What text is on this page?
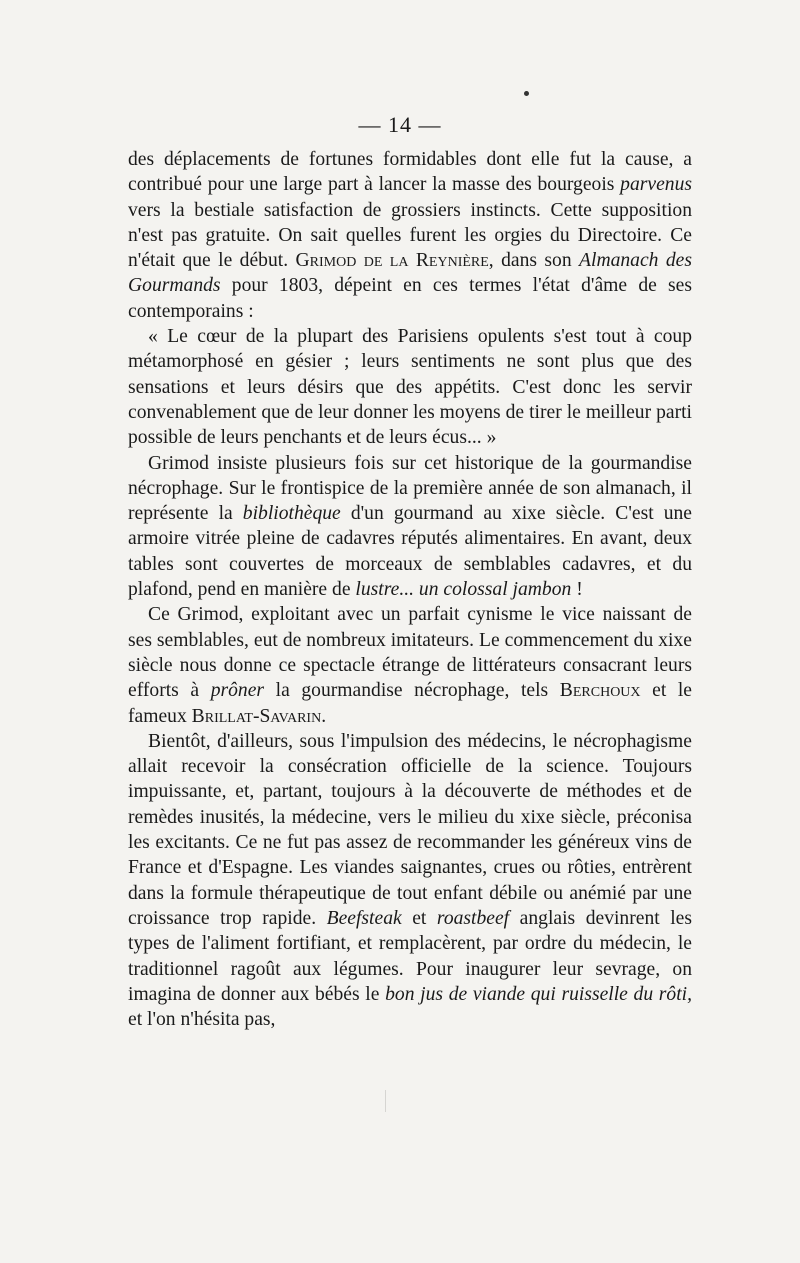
— 14 —

des déplacements de fortunes formidables dont elle fut la cause, a contribué pour une large part à lancer la masse des bourgeois parvenus vers la bestiale satisfaction de grossiers instincts. Cette supposition n'est pas gratuite. On sait quelles furent les orgies du Directoire. Ce n'était que le début. Grimod de la Reynière, dans son Almanach des Gourmands pour 1803, dépeint en ces termes l'état d'âme de ses contemporains :

« Le cœur de la plupart des Parisiens opulents s'est tout à coup métamorphosé en gésier ; leurs sentiments ne sont plus que des sensations et leurs désirs que des appétits. C'est donc les servir convenablement que de leur donner les moyens de tirer le meilleur parti possible de leurs penchants et de leurs écus... »

Grimod insiste plusieurs fois sur cet historique de la gourmandise nécrophage. Sur le frontispice de la première année de son almanach, il représente la bibliothèque d'un gourmand au xixe siècle. C'est une armoire vitrée pleine de cadavres réputés alimentaires. En avant, deux tables sont couvertes de morceaux de semblables cadavres, et du plafond, pend en manière de lustre... un colossal jambon !

Ce Grimod, exploitant avec un parfait cynisme le vice naissant de ses semblables, eut de nombreux imitateurs. Le commencement du xixe siècle nous donne ce spectacle étrange de littérateurs consacrant leurs efforts à prôner la gourmandise nécrophage, tels Berchoux et le fameux Brillat-Savarin.

Bientôt, d'ailleurs, sous l'impulsion des médecins, le nécrophagisme allait recevoir la consécration officielle de la science. Toujours impuissante, et, partant, toujours à la découverte de méthodes et de remèdes inusités, la médecine, vers le milieu du xixe siècle, préconisa les excitants. Ce ne fut pas assez de recommander les généreux vins de France et d'Espagne. Les viandes saignantes, crues ou rôties, entrèrent dans la formule thérapeutique de tout enfant débile ou anémié par une croissance trop rapide. Beefsteak et roastbeef anglais devinrent les types de l'aliment fortifiant, et remplacèrent, par ordre du médecin, le traditionnel ragoût aux légumes. Pour inaugurer leur sevrage, on imagina de donner aux bébés le bon jus de viande qui ruisselle du rôti, et l'on n'hésita pas,
